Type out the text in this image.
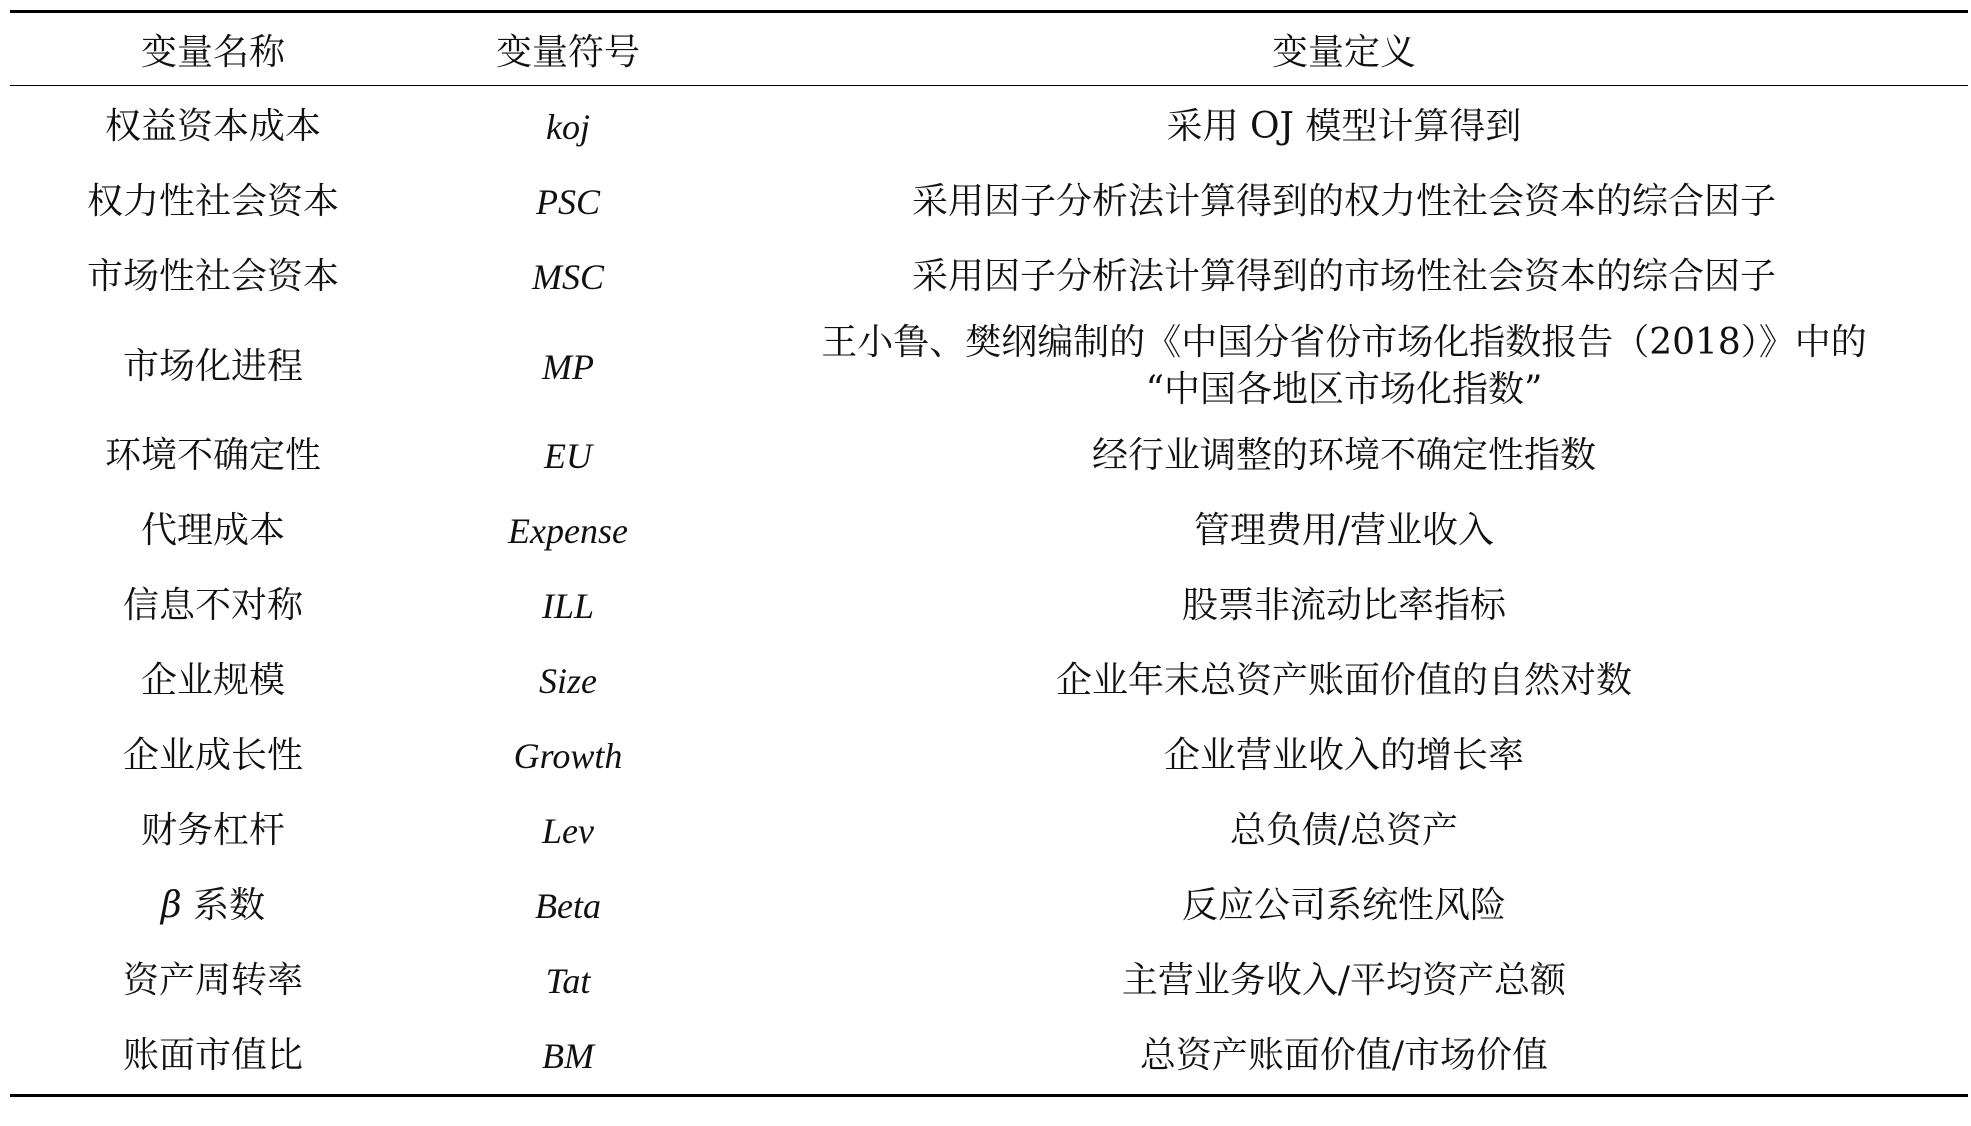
变量名称	变量符号	变量定义
权益资本成本	koj	采用 OJ 模型计算得到
权力性社会资本	PSC	采用因子分析法计算得到的权力性社会资本的综合因子
市场性社会资本	MSC	采用因子分析法计算得到的市场性社会资本的综合因子
市场化进程	MP	王小鲁、樊纲编制的《中国分省份市场化指数报告（2018）》中的
“中国各地区市场化指数”

环境不确定性	EU	经行业调整的环境不确定性指数
代理成本	Expense	管理费用/营业收入
信息不对称	ILL	股票非流动比率指标
企业规模	Size	企业年末总资产账面价值的自然对数
企业成长性	Growth	企业营业收入的增长率
财务杠杆	Lev	总负债/总资产
β 系数	Beta	反应公司系统性风险
资产周转率	Tat	主营业务收入/平均资产总额
账面市值比	BM	总资产账面价值/市场价值
